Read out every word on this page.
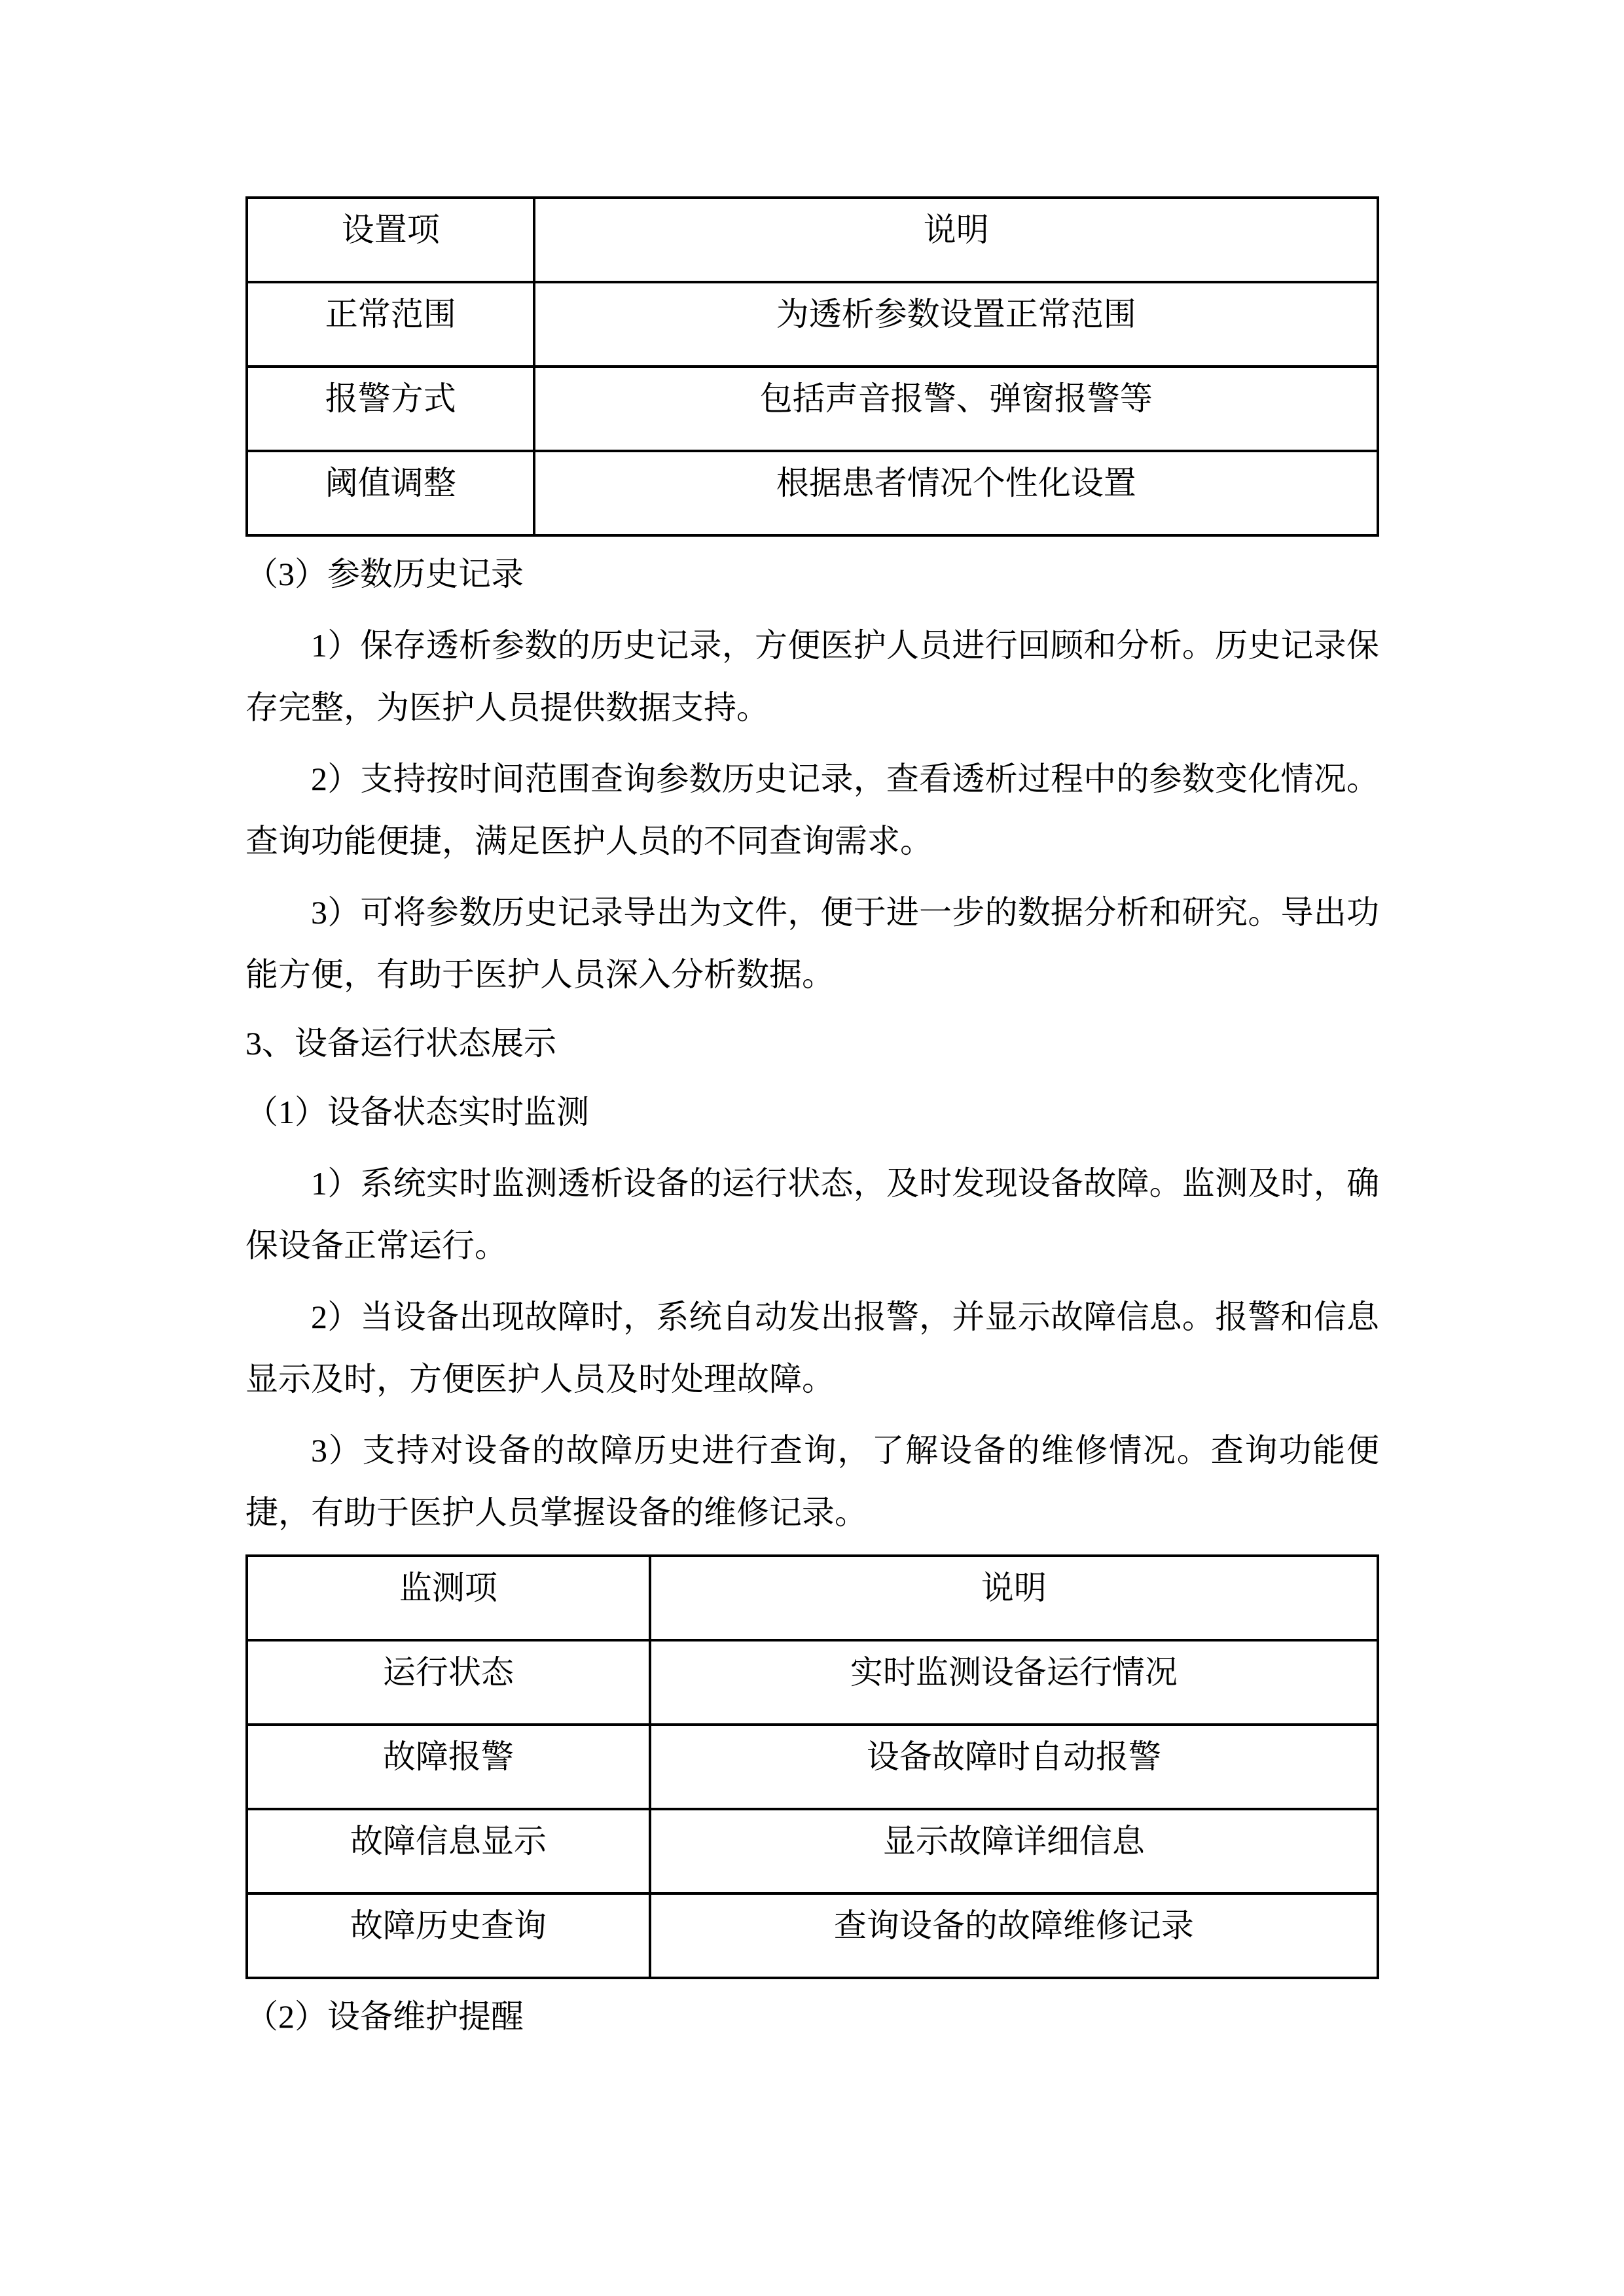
设置项	说明
正常范围	为透析参数设置正常范围
报警方式	包括声音报警、弹窗报警等
阈值调整	根据患者情况个性化设置

（3）参数历史记录

1）保存透析参数的历史记录，方便医护人员进行回顾和分析。历史记录保存完整，为医护人员提供数据支持。

2）支持按时间范围查询参数历史记录，查看透析过程中的参数变化情况。查询功能便捷，满足医护人员的不同查询需求。

3）可将参数历史记录导出为文件，便于进一步的数据分析和研究。导出功能方便，有助于医护人员深入分析数据。

3、设备运行状态展示

（1）设备状态实时监测

1）系统实时监测透析设备的运行状态，及时发现设备故障。监测及时，确保设备正常运行。

2）当设备出现故障时，系统自动发出报警，并显示故障信息。报警和信息显示及时，方便医护人员及时处理故障。

3）支持对设备的故障历史进行查询，了解设备的维修情况。查询功能便捷，有助于医护人员掌握设备的维修记录。

监测项	说明
运行状态	实时监测设备运行情况
故障报警	设备故障时自动报警
故障信息显示	显示故障详细信息
故障历史查询	查询设备的故障维修记录

（2）设备维护提醒
